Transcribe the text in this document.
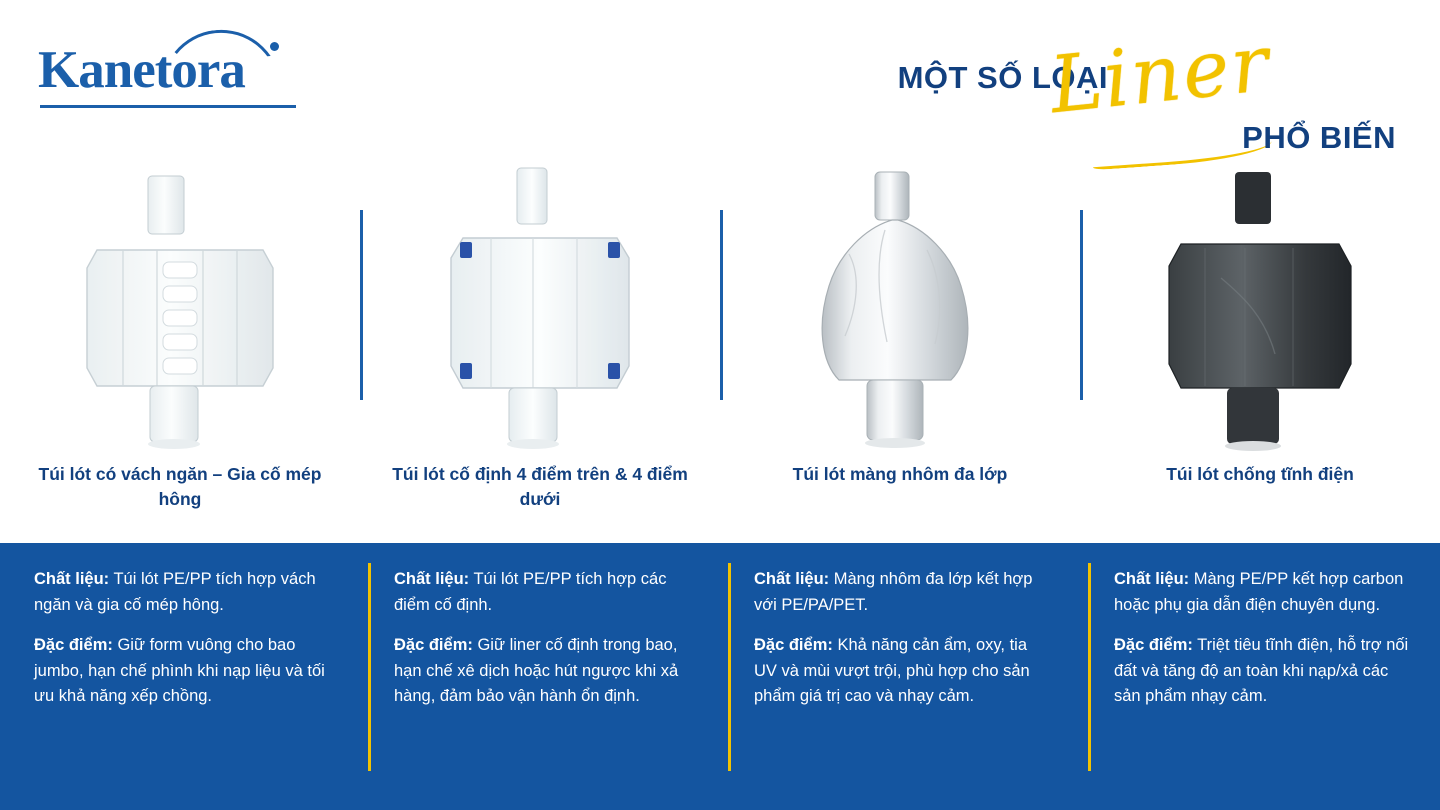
Kanetora	MỘT SỐ LOẠI
Liner
PHỔ BIẾN
Túi lót có vách ngăn – Gia cố mép hông
Túi lót cố định 4 điểm trên & 4 điểm dưới
Túi lót màng nhôm đa lớp	Túi lót chống tĩnh điện

Chất liệu: Túi lót PE/PP tích hợp vách ngăn và gia cố mép hông.

Đặc điểm: Giữ form vuông cho bao jumbo, hạn chế phình khi nạp liệu và tối ưu khả năng xếp chồng.

Chất liệu: Túi lót PE/PP tích hợp các điểm cố định.

Đặc điểm: Giữ liner cố định trong bao, hạn chế xê dịch hoặc hút ngược khi xả hàng, đảm bảo vận hành ổn định.

Chất liệu: Màng nhôm đa lớp kết hợp với PE/PA/PET.

Đặc điểm: Khả năng cản ẩm, oxy, tia UV và mùi vượt trội, phù hợp cho sản phẩm giá trị cao và nhạy cảm.

Chất liệu: Màng PE/PP kết hợp carbon hoặc phụ gia dẫn điện chuyên dụng.

Đặc điểm: Triệt tiêu tĩnh điện, hỗ trợ nối đất và tăng độ an toàn khi nạp/xả các sản phẩm nhạy cảm.
